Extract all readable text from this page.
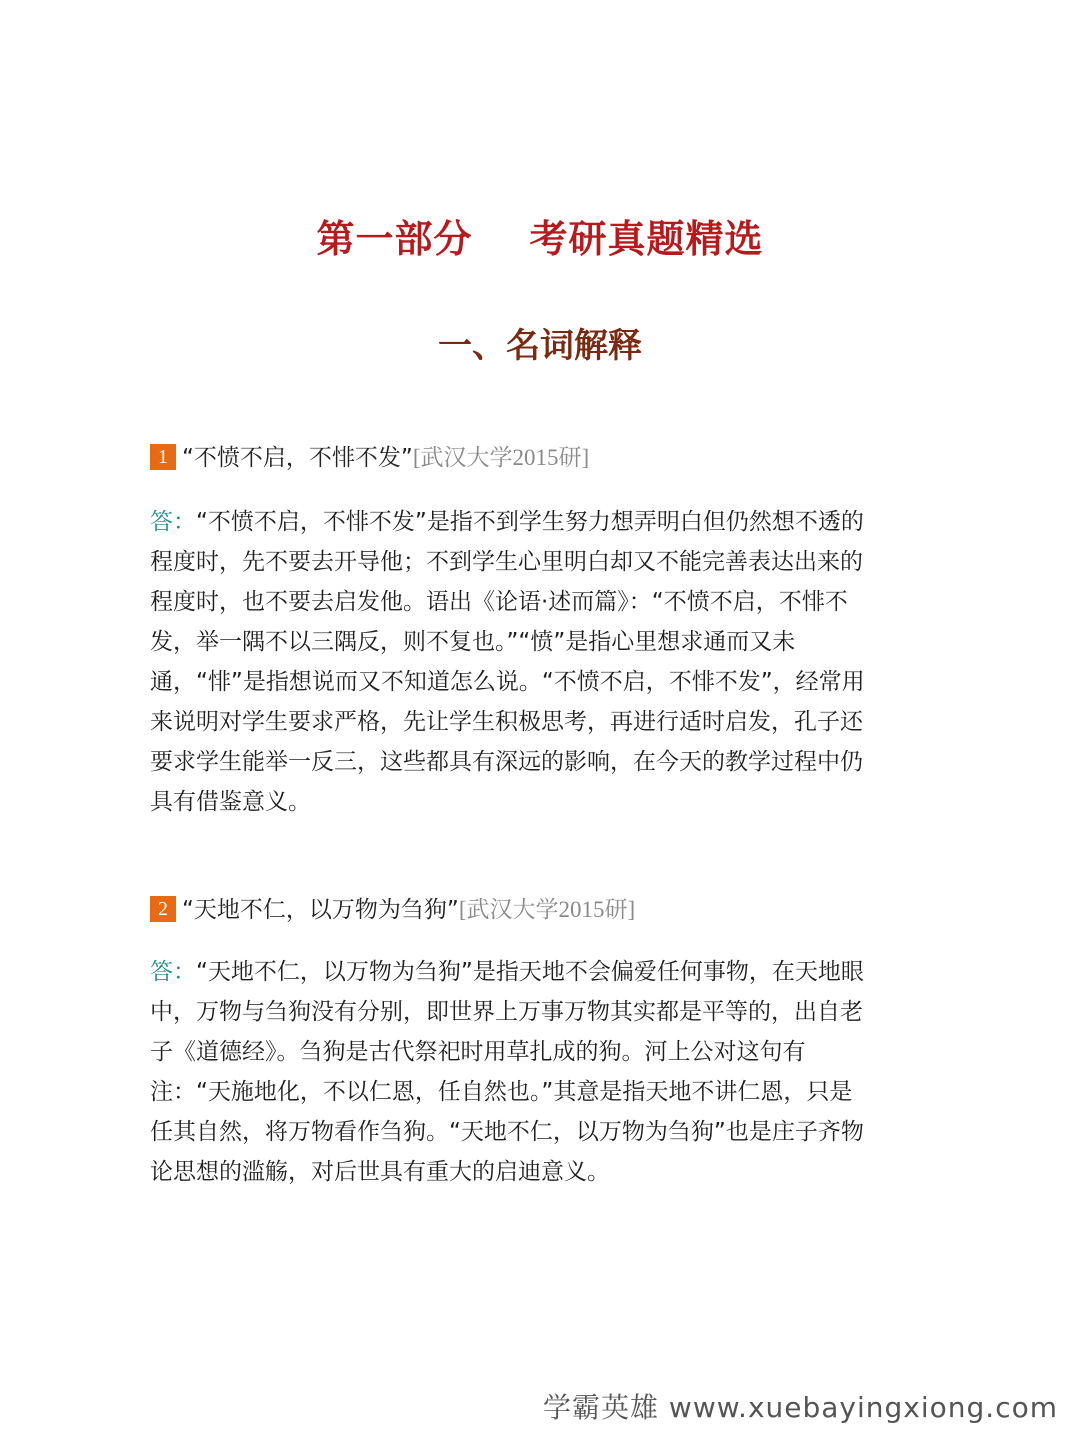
第一部分    考研真题精选
一、名词解释
1 “不愤不启，不悱不发”[武汉大学2015研]
答：“不愤不启，不悱不发”是指不到学生努力想弄明白但仍然想不透的
程度时，先不要去开导他；不到学生心里明白却又不能完善表达出来的
程度时，也不要去启发他。语出《论语·述而篇》：“不愤不启，不悱不
发，举一隅不以三隅反，则不复也。”“愤”是指心里想求通而又未
通，“悱”是指想说而又不知道怎么说。“不愤不启，不悱不发”，经常用
来说明对学生要求严格，先让学生积极思考，再进行适时启发，孔子还
要求学生能举一反三，这些都具有深远的影响，在今天的教学过程中仍
具有借鉴意义。
2 “天地不仁，以万物为刍狗”[武汉大学2015研]
答：“天地不仁，以万物为刍狗”是指天地不会偏爱任何事物，在天地眼
中，万物与刍狗没有分别，即世界上万事万物其实都是平等的，出自老
子《道德经》。刍狗是古代祭祀时用草扎成的狗。河上公对这句有
注：“天施地化，不以仁恩，任自然也。”其意是指天地不讲仁恩，只是
任其自然，将万物看作刍狗。“天地不仁，以万物为刍狗”也是庄子齐物
论思想的滥觞，对后世具有重大的启迪意义。
学霸英雄 www.xuebayingxiong.com
